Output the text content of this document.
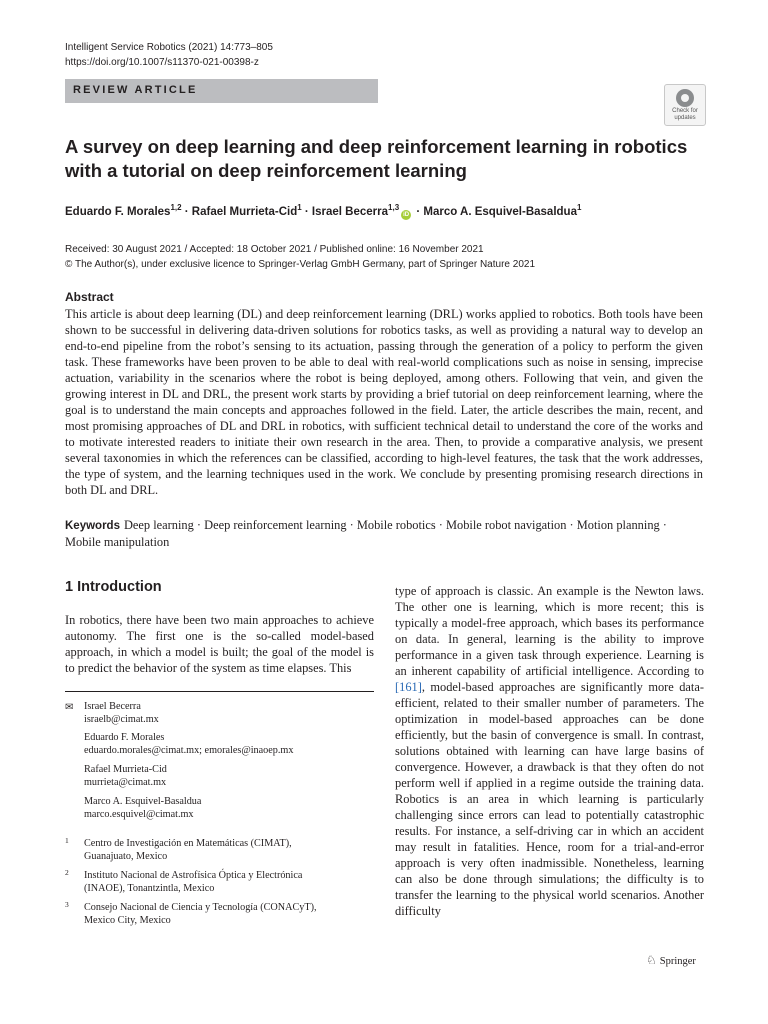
Intelligent Service Robotics (2021) 14:773–805
https://doi.org/10.1007/s11370-021-00398-z
REVIEW ARTICLE
Check for
updates
A survey on deep learning and deep reinforcement learning in robotics
with a tutorial on deep reinforcement learning
Eduardo F. Morales$^{1,2}$ · Rafael Murrieta-Cid$^1$ · Israel Becerra$^{1,3}$iD · Marco A. Esquivel-Basaldua$^1$
Received: 30 August 2021 / Accepted: 18 October 2021 / Published online: 16 November 2021
© The Author(s), under exclusive licence to Springer-Verlag GmbH Germany, part of Springer Nature 2021
Abstract
This article is about deep learning (DL) and deep reinforcement learning (DRL) works applied to robotics. Both tools have been shown to be successful in delivering data-driven solutions for robotics tasks, as well as providing a natural way to develop an end-to-end pipeline from the robot’s sensing to its actuation, passing through the generation of a policy to perform the given task. These frameworks have been proven to be able to deal with real-world complications such as noise in sensing, imprecise actuation, variability in the scenarios where the robot is being deployed, among others. Following that vein, and given the growing interest in DL and DRL, the present work starts by providing a brief tutorial on deep reinforcement learning, where the goal is to understand the main concepts and approaches followed in the field. Later, the article describes the main, recent, and most promising approaches of DL and DRL in robotics, with sufficient technical detail to understand the core of the works and to motivate interested readers to initiate their own research in the area. Then, to provide a comparative analysis, we present several taxonomies in which the references can be classified, according to high-level features, the task that the work addresses, the type of system, and the learning techniques used in the work. We conclude by presenting promising research directions in both DL and DRL.
Keywords Deep learning · Deep reinforcement learning · Mobile robotics · Mobile robot navigation · Motion planning · Mobile manipulation
1 Introduction
In robotics, there have been two main approaches to achieve autonomy. The first one is the so-called model-based approach, in which a model is built; the goal of the model is to predict the behavior of the system as time elapses. This
type of approach is classic. An example is the Newton laws. The other one is learning, which is more recent; this is typically a model-free approach, which bases its performance on data. In general, learning is the ability to improve performance in a given task through experience. Learning is an inherent capability of artificial intelligence. According to [161], model-based approaches are significantly more data-efficient, related to their smaller number of parameters. The optimization in model-based approaches can be done efficiently, but the basin of convergence is small. In contrast, solutions obtained with learning can have large basins of convergence. However, a drawback is that they often do not perform well if applied in a regime outside the training data. Robotics is an area in which learning is particularly challenging since errors can lead to potentially catastrophic results. For instance, a self-driving car in which an accident may result in fatalities. Hence, room for a trial-and-error approach is very often inadmissible. Nonetheless, learning can also be done through simulations; the difficulty is to transfer the learning to the physical world scenarios. Another difficulty
✉ Israel Becerra
israelb@cimat.mx
Eduardo F. Morales
eduardo.morales@cimat.mx; emorales@inaoep.mx
Rafael Murrieta-Cid
murrieta@cimat.mx
Marco A. Esquivel-Basaldua
marco.esquivel@cimat.mx
1 Centro de Investigación en Matemáticas (CIMAT),
Guanajuato, Mexico
2 Instituto Nacional de Astrofísica Óptica y Electrónica
(INAOE), Tonantzintla, Mexico
3 Consejo Nacional de Ciencia y Tecnología (CONACyT),
Mexico City, Mexico
♘ Springer
